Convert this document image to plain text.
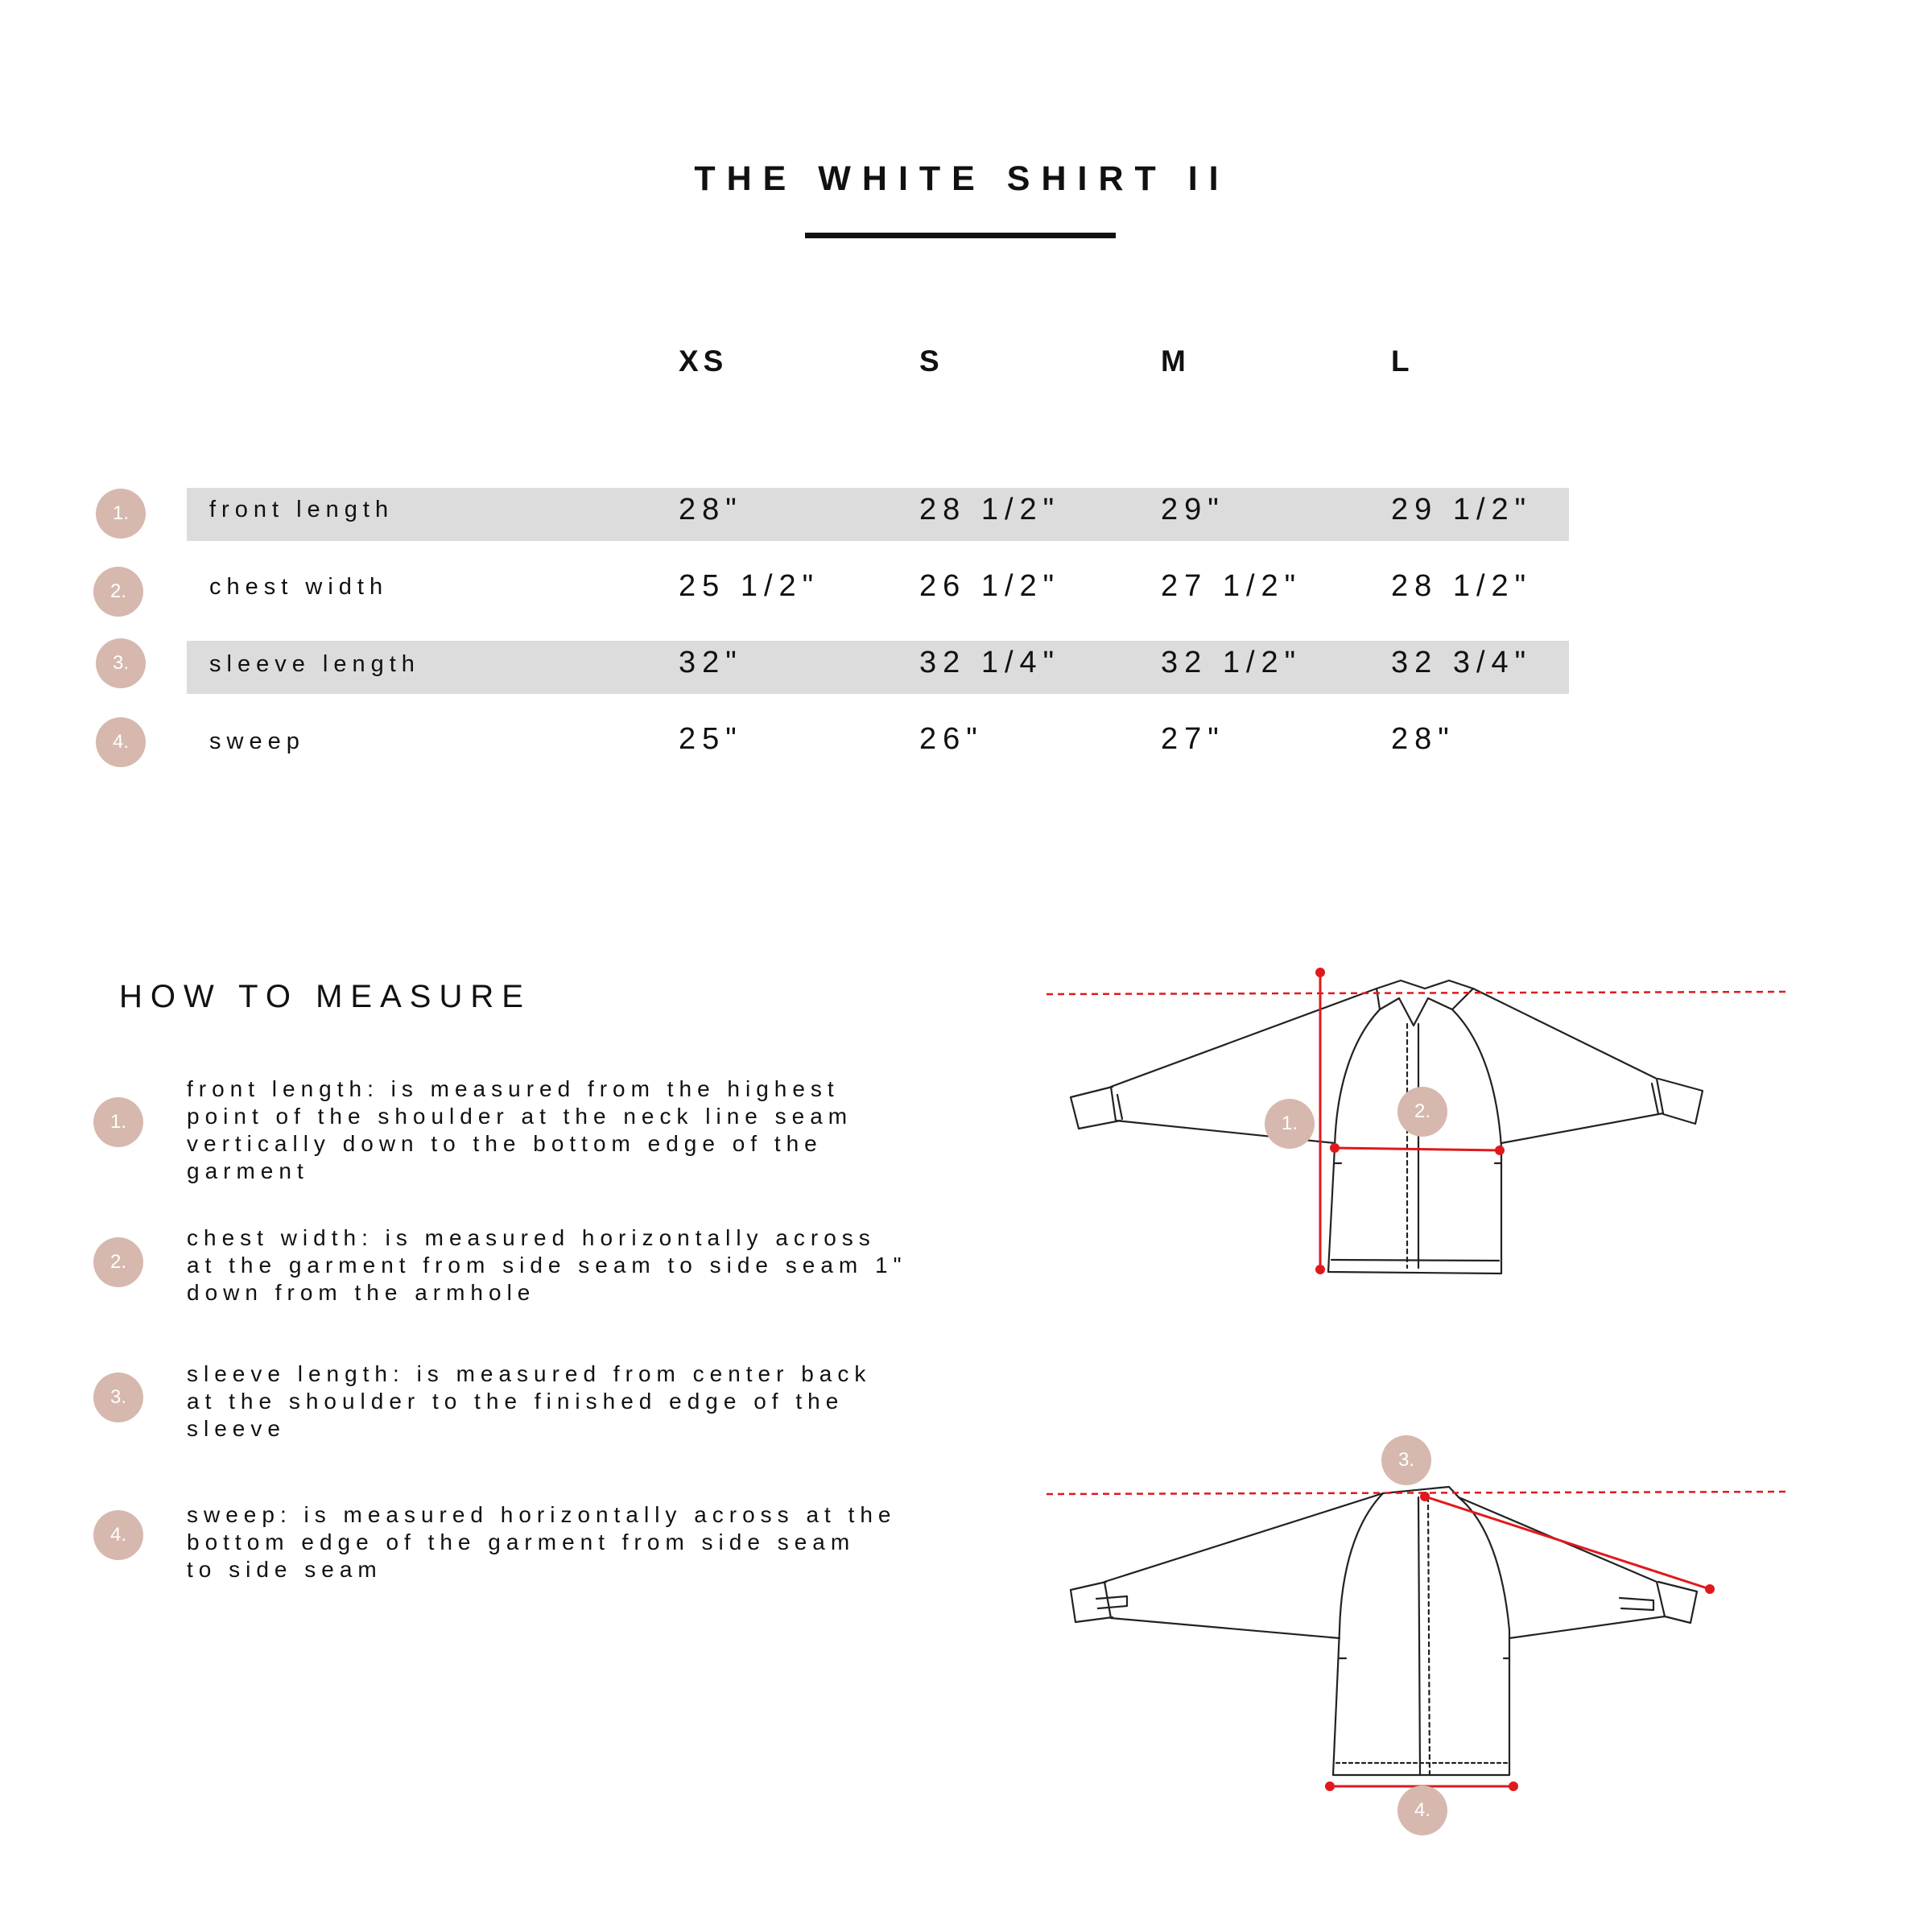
THE WHITE SHIRT II
XS	S	M	L
1.	front length	28"	28 1/2"	29"	29 1/2"
2.	chest width	25 1/2"	26 1/2"	27 1/2"	28 1/2"
3.	sleeve length	32"	32 1/4"	32 1/2"	32 3/4"
4.	sweep	25"	26"	27"	28"
HOW TO MEASURE
1.
front length: is measured from the highest
point of the shoulder at the neck line seam
vertically down to the bottom edge of the
garment
2.
chest width: is measured horizontally across
at the garment from side seam to side seam 1"
down from the armhole
3.
sleeve length: is measured from center back
at the shoulder to the finished edge of the
sleeve
4.
sweep: is measured horizontally across at the
bottom edge of the garment from side seam
to side seam
1.
2.
3.
4.
